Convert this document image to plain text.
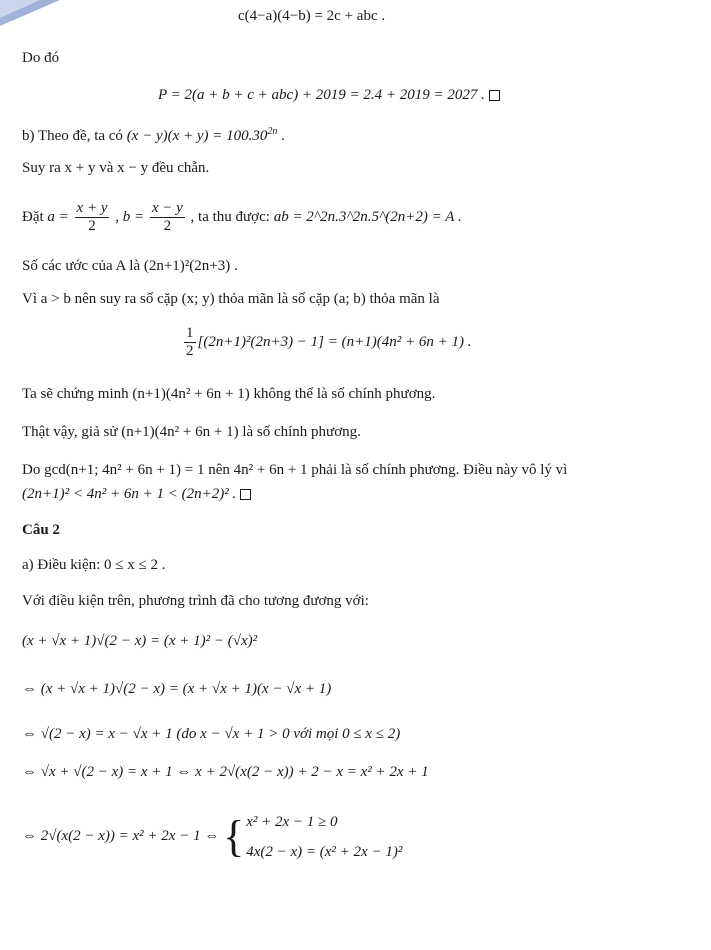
c(4−a)(4−b) = 2c + abc .
Do đó
P = 2(a + b + c + abc) + 2019 = 2.4 + 2019 = 2027 .
b) Theo đề, ta có $(x - y)(x + y) = 100.30^{2n}$ .
Suy ra x + y và x − y đều chẵn.
Đặt $a = \frac{x + y}{2}$ , $b = \frac{x - y}{2}$ , ta thu được: ab = 2^2n.3^2n.5^(2n+2) = A .
Số các ước của A là (2n+1)²(2n+3) .
Vì a > b nên suy ra số cặp (x; y) thỏa mãn là số cặp (a; b) thỏa mãn là
$\frac{1}{2} [(2n+1)^2(2n+3) - 1] = (n+1)(4n^2 + 6n + 1)$ .
Ta sẽ chứng minh (n+1)(4n² + 6n + 1) không thể là số chính phương.
Thật vậy, giả sử (n+1)(4n² + 6n + 1) là số chính phương.
Do gcd(n+1; 4n² + 6n + 1) = 1 nên 4n² + 6n + 1 phải là số chính phương. Điều này vô lý vì
(2n+1)² < 4n² + 6n + 1 < (2n+2)² .
Câu 2
a) Điều kiện: 0 ≤ x ≤ 2 .
Với điều kiện trên, phương trình đã cho tương đương với:
(x + √x + 1)√(2 − x) = (x + 1)² − (√x)²
⇔ (x + √x + 1)√(2 − x) = (x + √x + 1)(x − √x + 1)
⇔ √(2 − x) = x − √x + 1 (do x − √x + 1 > 0 với mọi 0 ≤ x ≤ 2)
⇔ √x + √(2 − x) = x + 1 ⇔ x + 2√(x(2 − x)) + 2 − x = x² + 2x + 1
⇔ 2√(x(2 − x)) = x² + 2x − 1 ⇔ { x² + 2x − 1 ≥ 0
4x(2 − x) = (x² + 2x − 1)²
